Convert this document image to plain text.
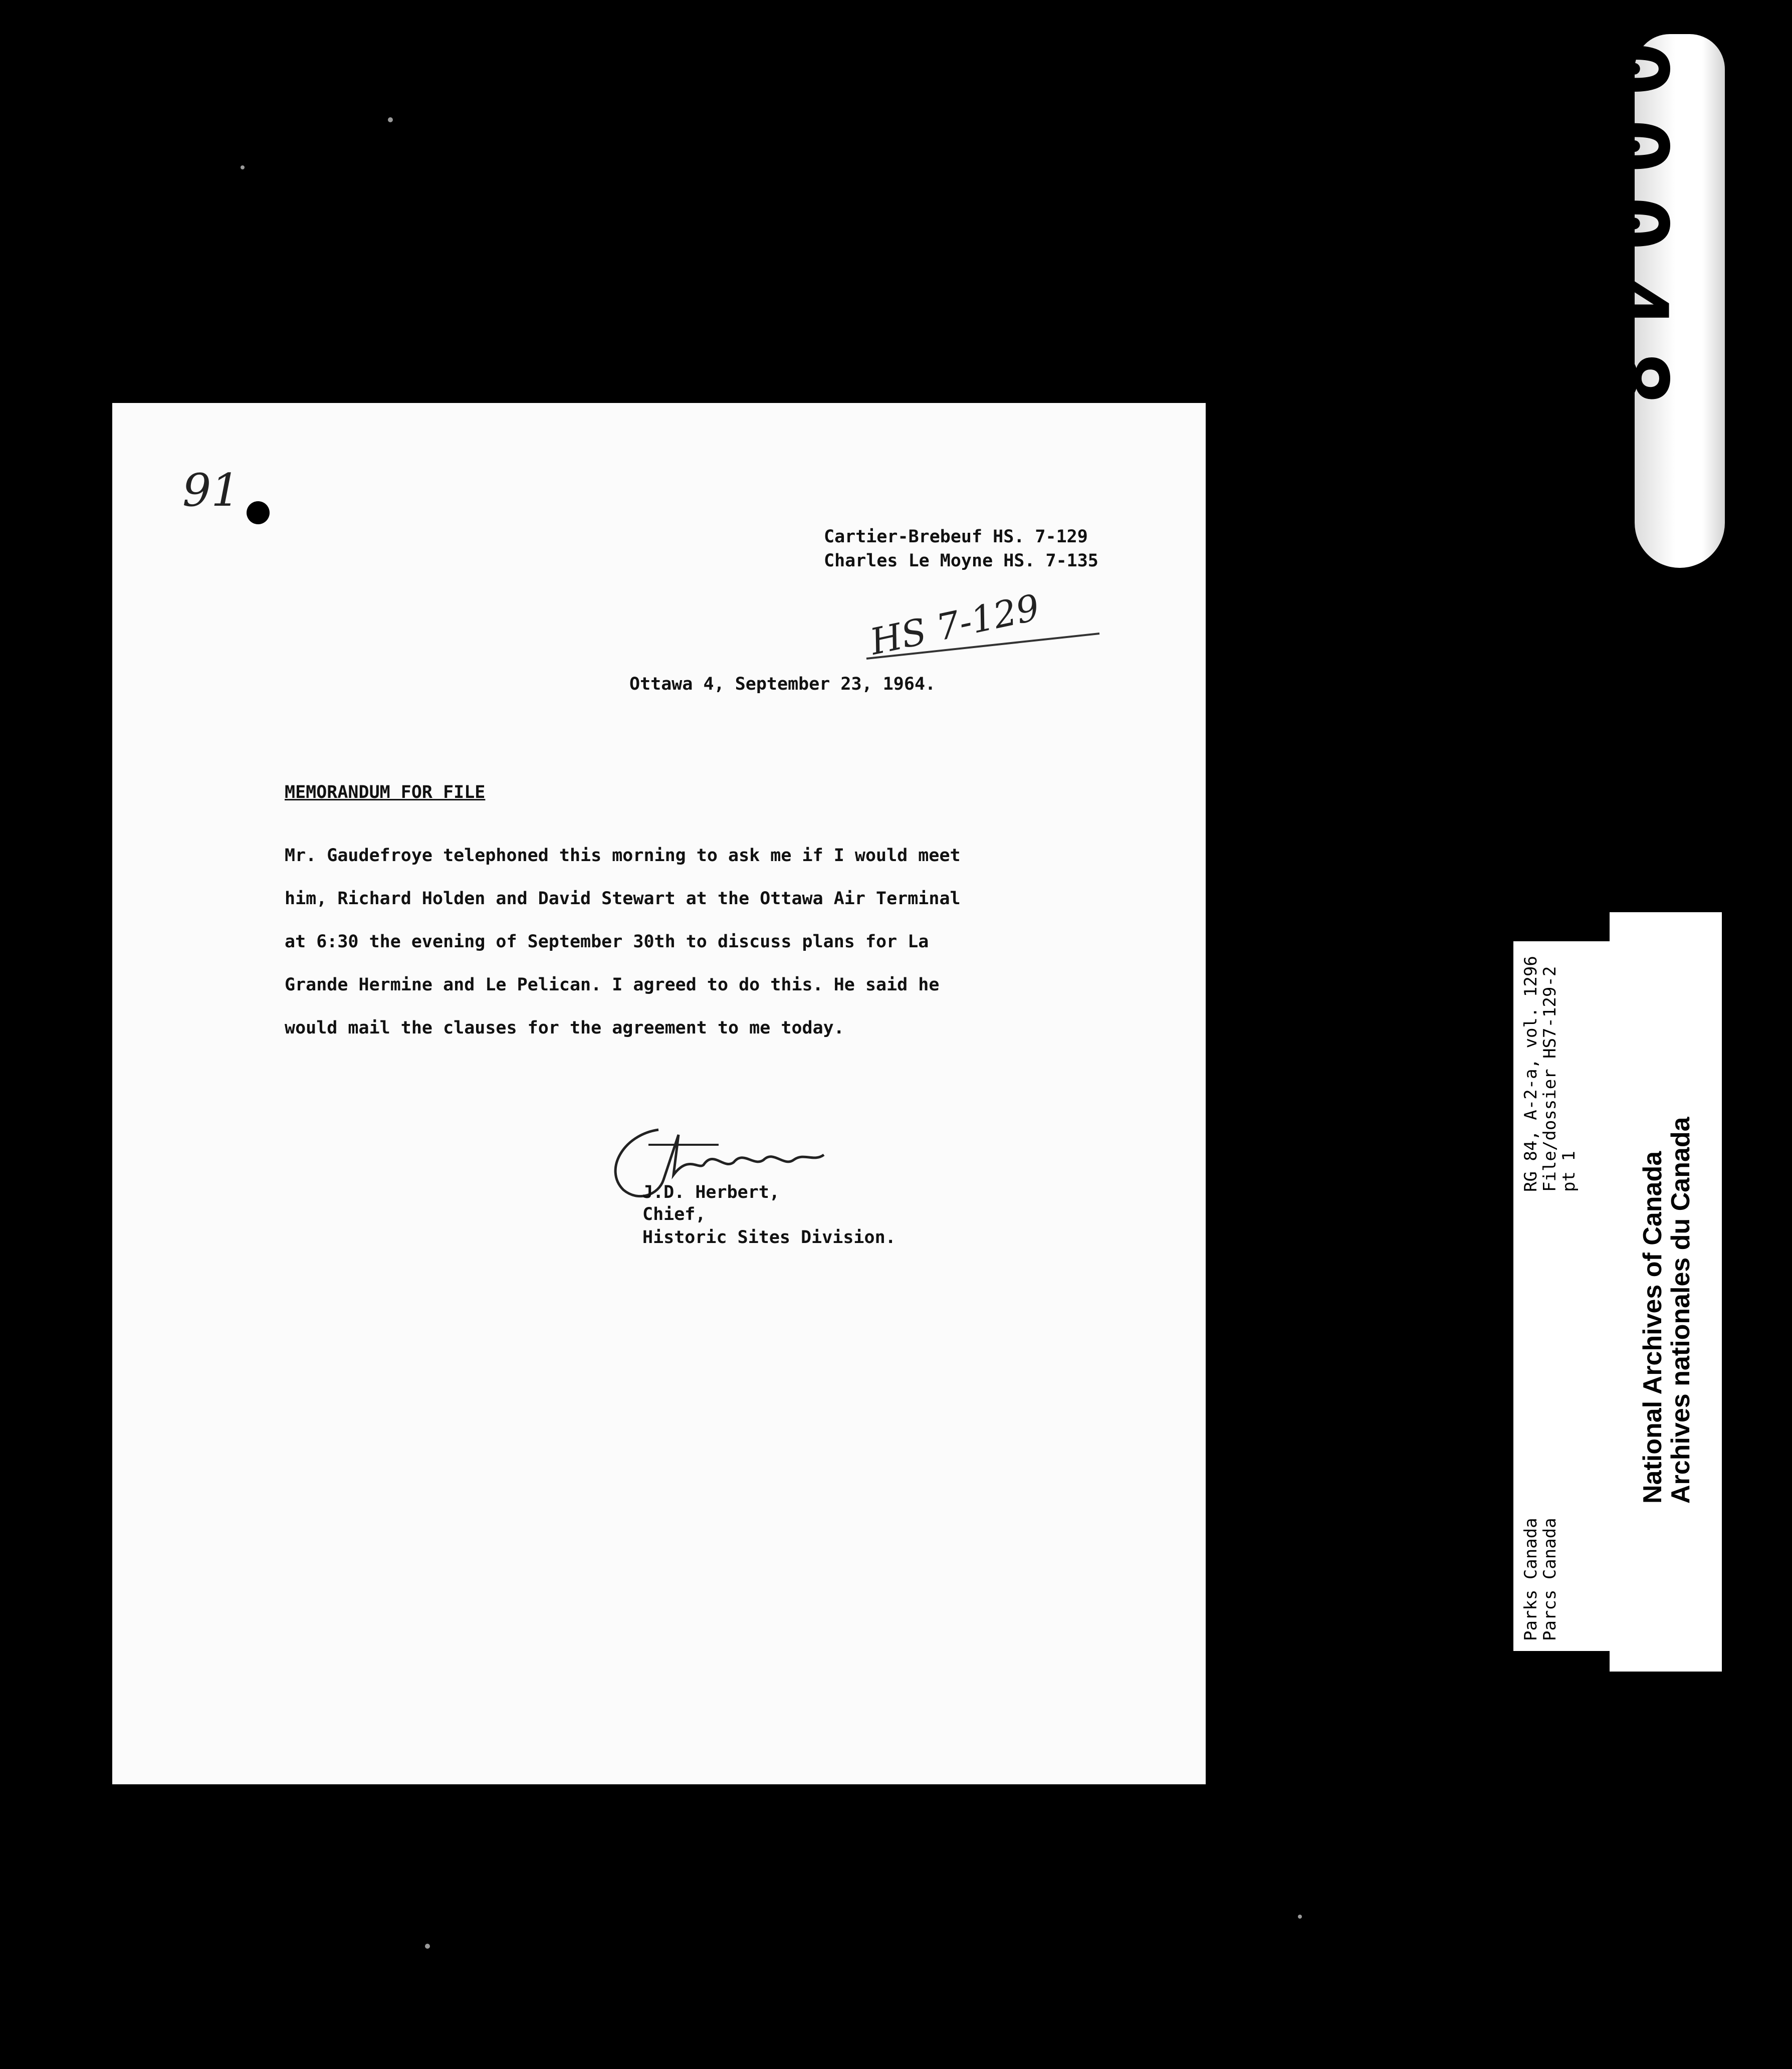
00048
91
Cartier-Brebeuf HS. 7-129
Charles Le Moyne HS. 7-135
HS 7-129
Ottawa 4, September 23, 1964.
MEMORANDUM FOR FILE
Mr. Gaudefroye telephoned this morning to ask me if I would meet
him, Richard Holden and David Stewart at the Ottawa Air Terminal
at 6:30 the evening of September 30th to discuss plans for La
Grande Hermine and Le Pelican. I agreed to do this. He said he
would mail the clauses for the agreement to me today.
J.D. Herbert,
Chief,
Historic Sites Division.
Parks Canada
Parcs Canada
RG 84, A-2-a, vol. 1296
File/dossier HS7-129-2
pt 1 National Archives of Canada
Archives nationales du Canada
